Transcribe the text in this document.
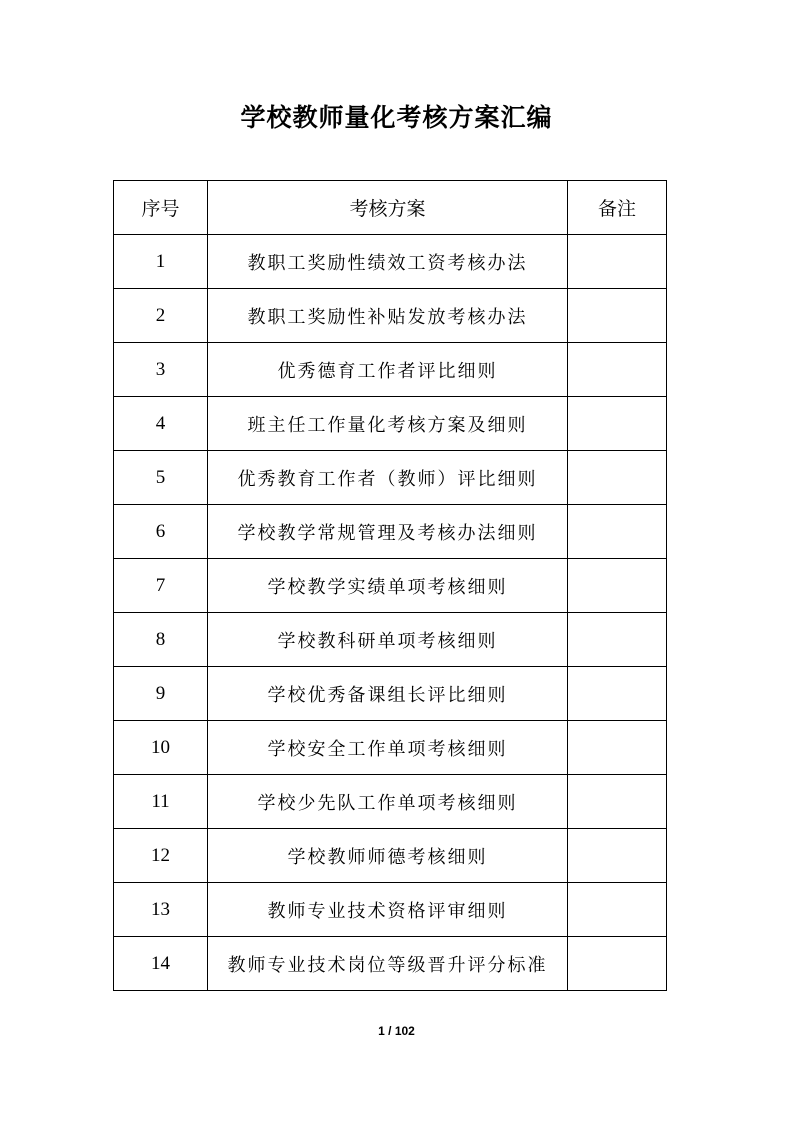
学校教师量化考核方案汇编
序号	考核方案	备注
1	教职工奖励性绩效工资考核办法	
2	教职工奖励性补贴发放考核办法	
3	优秀德育工作者评比细则	
4	班主任工作量化考核方案及细则	
5	优秀教育工作者（教师）评比细则	
6	学校教学常规管理及考核办法细则	
7	学校教学实绩单项考核细则	
8	学校教科研单项考核细则	
9	学校优秀备课组长评比细则	
10	学校安全工作单项考核细则	
11	学校少先队工作单项考核细则	
12	学校教师师德考核细则	
13	教师专业技术资格评审细则	
14	教师专业技术岗位等级晋升评分标准	
1 / 102
